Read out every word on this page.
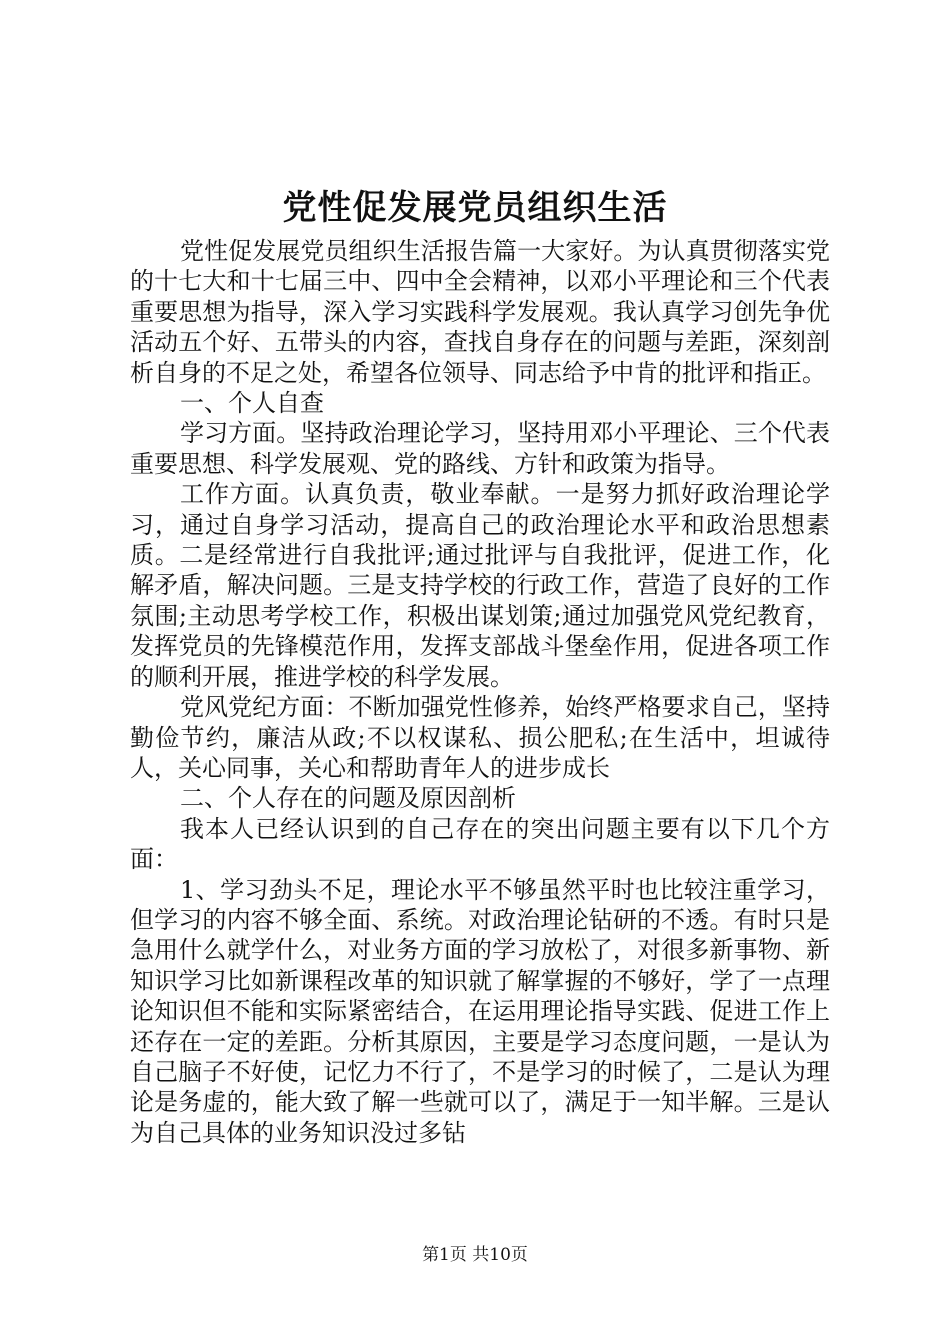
党性促发展党员组织生活

党性促发展党员组织生活报告篇一大家好。为认真贯彻落实党的十七大和十七届三中、四中全会精神，以邓小平理论和三个代表重要思想为指导，深入学习实践科学发展观。我认真学习创先争优活动五个好、五带头的内容，查找自身存在的问题与差距，深刻剖析自身的不足之处，希望各位领导、同志给予中肯的批评和指正。

一、个人自查

学习方面。坚持政治理论学习，坚持用邓小平理论、三个代表重要思想、科学发展观、党的路线、方针和政策为指导。

工作方面。认真负责，敬业奉献。一是努力抓好政治理论学习，通过自身学习活动，提高自己的政治理论水平和政治思想素质。二是经常进行自我批评;通过批评与自我批评，促进工作，化解矛盾，解决问题。三是支持学校的行政工作，营造了良好的工作氛围;主动思考学校工作，积极出谋划策;通过加强党风党纪教育，发挥党员的先锋模范作用，发挥支部战斗堡垒作用，促进各项工作的顺利开展，推进学校的科学发展。

党风党纪方面：不断加强党性修养，始终严格要求自己，坚持勤俭节约，廉洁从政;不以权谋私、损公肥私;在生活中，坦诚待人，关心同事，关心和帮助青年人的进步成长

二、个人存在的问题及原因剖析

我本人已经认识到的自己存在的突出问题主要有以下几个方面：

1、学习劲头不足，理论水平不够虽然平时也比较注重学习，但学习的内容不够全面、系统。对政治理论钻研的不透。有时只是急用什么就学什么，对业务方面的学习放松了，对很多新事物、新知识学习比如新课程改革的知识就了解掌握的不够好，学了一点理论知识但不能和实际紧密结合，在运用理论指导实践、促进工作上还存在一定的差距。分析其原因，主要是学习态度问题，一是认为自己脑子不好使，记忆力不行了，不是学习的时候了，二是认为理论是务虚的，能大致了解一些就可以了，满足于一知半解。三是认为自己具体的业务知识没过多钻

第1页 共10页
